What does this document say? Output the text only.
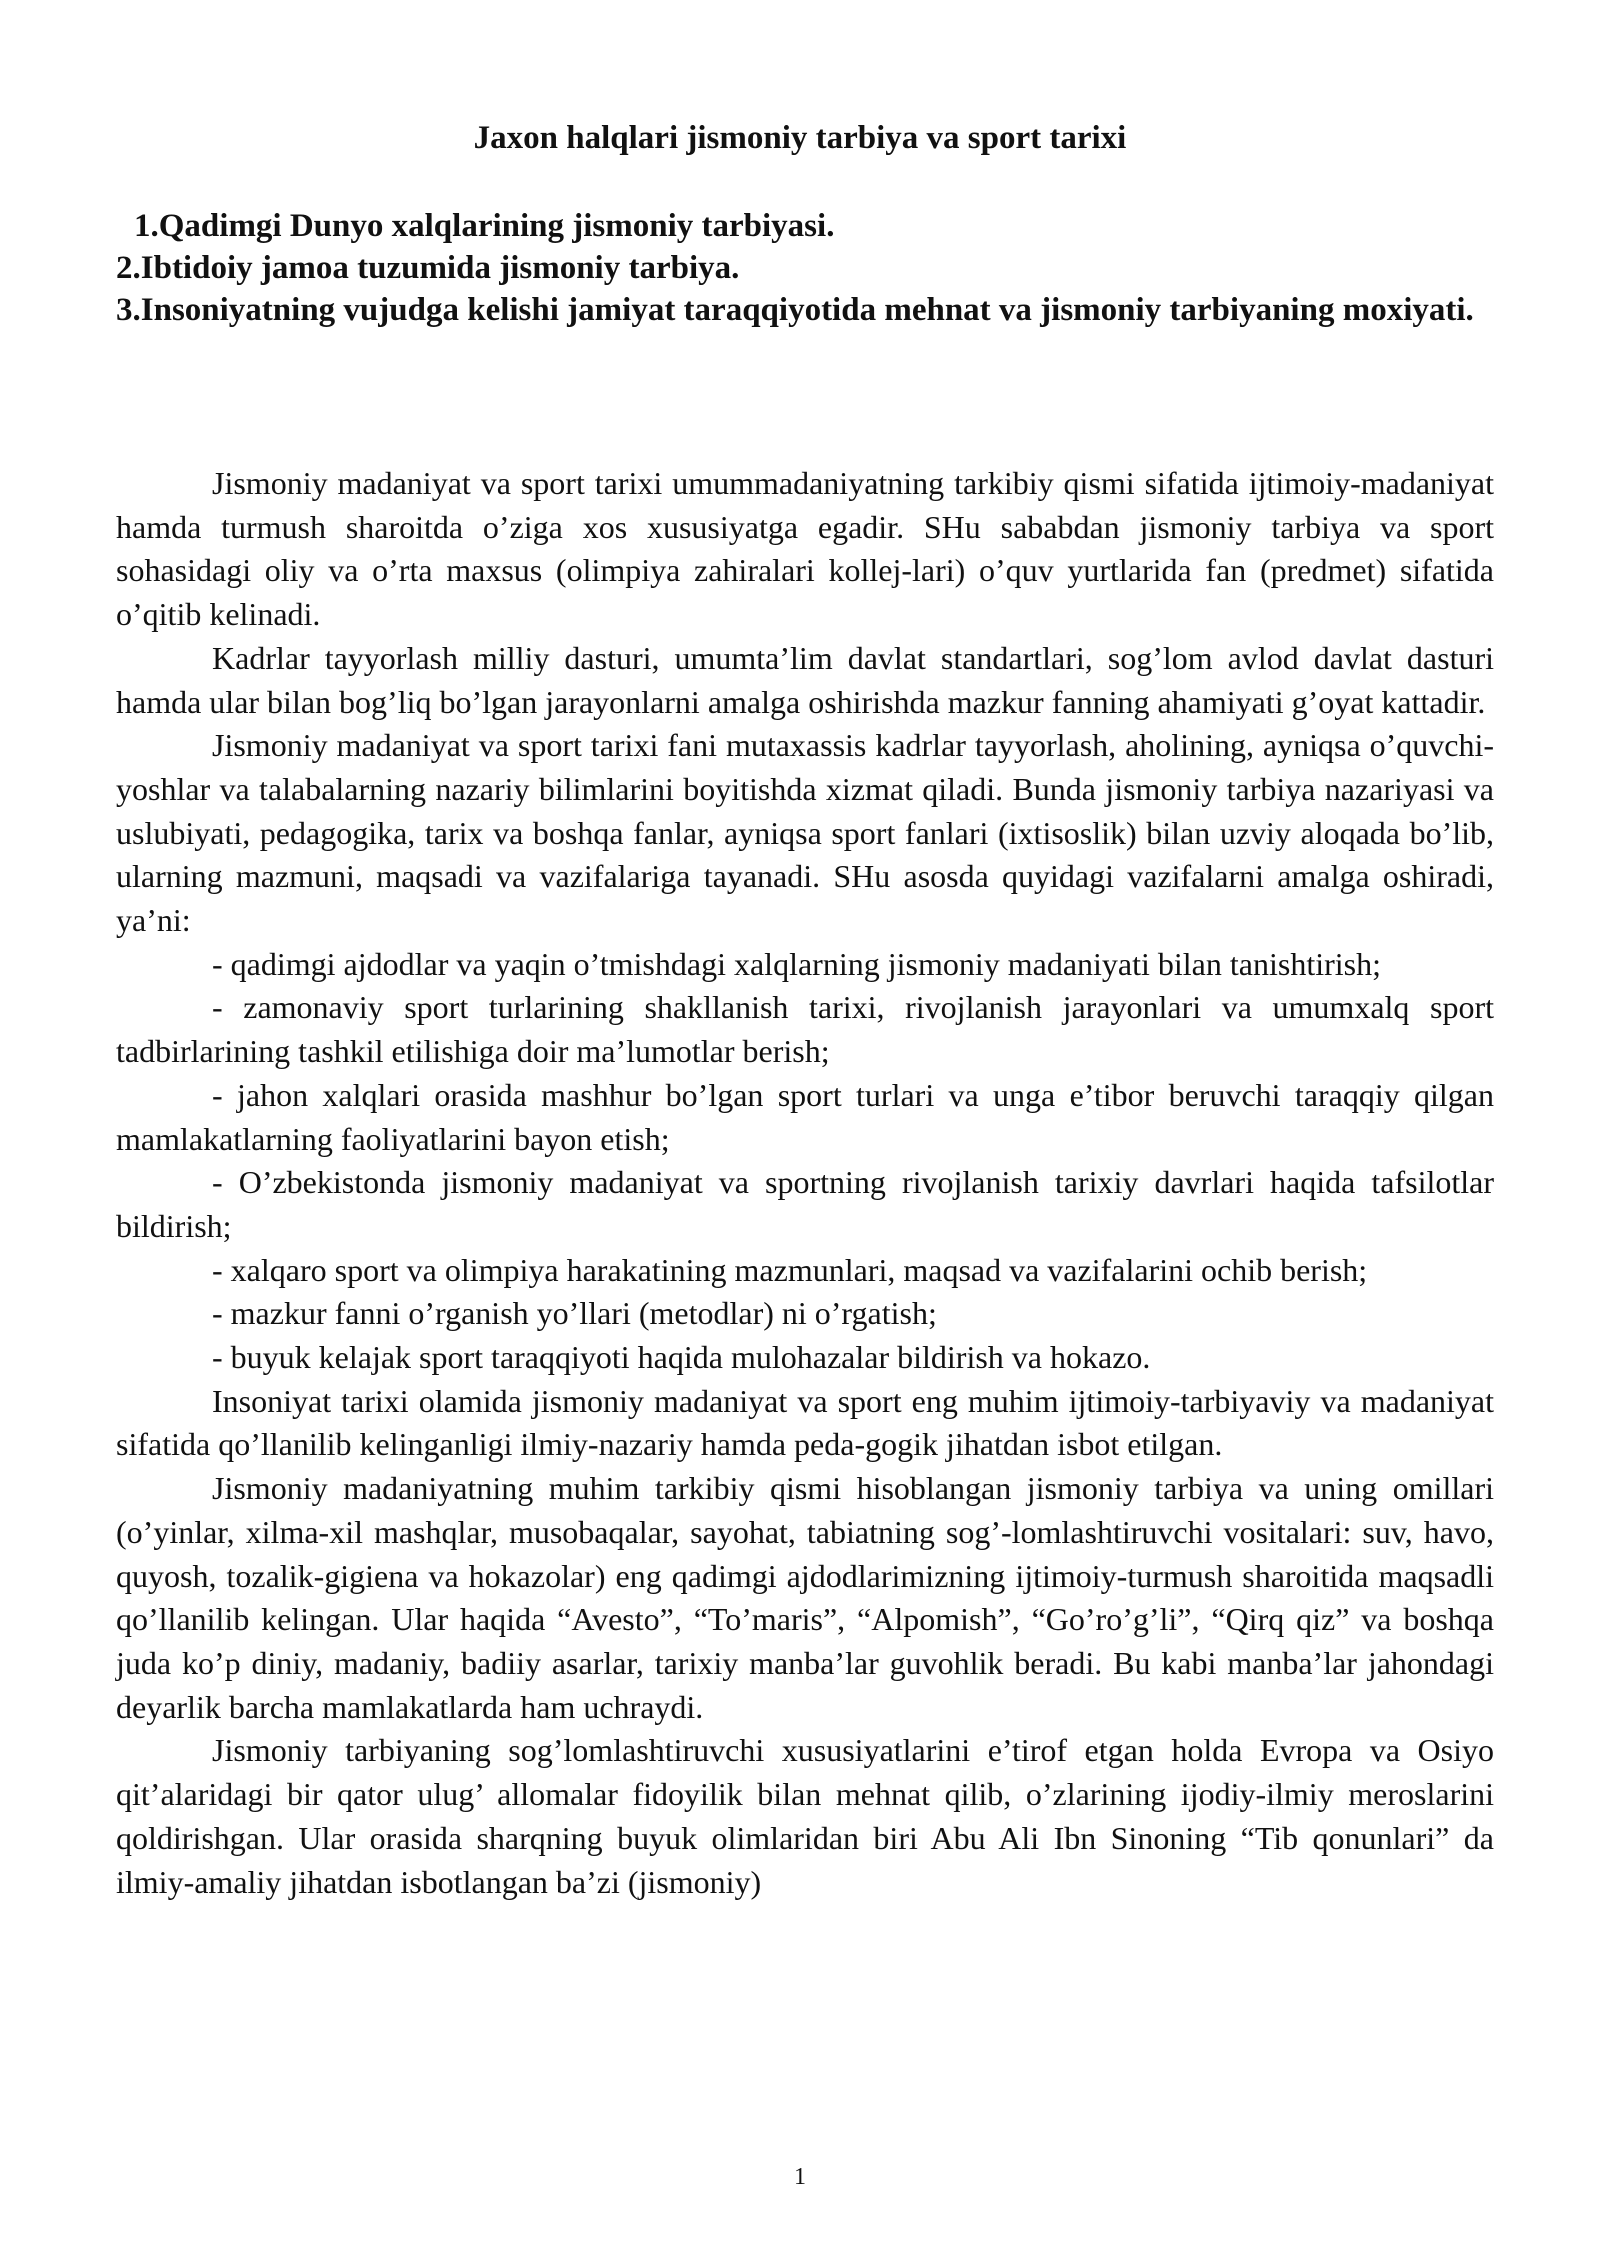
Jaxon halqlari jismoniy tarbiya va sport tarixi
1.Qadimgi Dunyo xalqlarining jismoniy tarbiyasi.
2.Ibtidoiy jamoa tuzumida jismoniy tarbiya.
3.Insoniyatning vujudga kelishi jamiyat taraqqiyotida mehnat va jismoniy tarbiyaning moxiyati.

Jismoniy madaniyat va sport tarixi umummadaniyatning tarkibiy qismi sifatida ijtimoiy-madaniyat hamda turmush sharoitda o’ziga xos xususiyatga egadir. SHu sababdan jismoniy tarbiya va sport sohasidagi oliy va o’rta maxsus (olimpiya zahiralari kollej-lari) o’quv yurtlarida fan (predmet) sifatida o’qitib kelinadi.

Kadrlar tayyorlash milliy dasturi, umumta’lim davlat standartlari, sog’lom avlod davlat dasturi hamda ular bilan bog’liq bo’lgan jarayonlarni amalga oshirishda mazkur fanning ahamiyati g’oyat kattadir.

Jismoniy madaniyat va sport tarixi fani mutaxassis kadrlar tayyorlash, aholining, ayniqsa o’quvchi-yoshlar va talabalarning nazariy bilimlarini boyitishda xizmat qiladi. Bunda jismoniy tarbiya nazariyasi va uslubiyati, pedagogika, tarix va boshqa fanlar, ayniqsa sport fanlari (ixtisoslik) bilan uzviy aloqada bo’lib, ularning mazmuni, maqsadi va vazifalariga tayanadi. SHu asosda quyidagi vazifalarni amalga oshiradi, ya’ni:

- qadimgi ajdodlar va yaqin o’tmishdagi xalqlarning jismoniy madaniyati bilan tanishtirish;

- zamonaviy sport turlarining shakllanish tarixi, rivojlanish jarayonlari va umumxalq sport tadbirlarining tashkil etilishiga doir ma’lumotlar berish;

- jahon xalqlari orasida mashhur bo’lgan sport turlari va unga e’tibor beruvchi taraqqiy qilgan mamlakatlarning faoliyatlarini bayon etish;

- O’zbekistonda jismoniy madaniyat va sportning rivojlanish tarixiy davrlari haqida tafsilotlar bildirish;

- xalqaro sport va olimpiya harakatining mazmunlari, maqsad va vazifalarini ochib berish;

- mazkur fanni o’rganish yo’llari (metodlar) ni o’rgatish;

- buyuk kelajak sport taraqqiyoti haqida mulohazalar bildirish va hokazo.

Insoniyat tarixi olamida jismoniy madaniyat va sport eng muhim ijtimoiy-tarbiyaviy va madaniyat sifatida qo’llanilib kelinganligi ilmiy-nazariy hamda peda-gogik jihatdan isbot etilgan.

Jismoniy madaniyatning muhim tarkibiy qismi hisoblangan jismoniy tarbiya va uning omillari (o’yinlar, xilma-xil mashqlar, musobaqalar, sayohat, tabiatning sog’-lomlashtiruvchi vositalari: suv, havo, quyosh, tozalik-gigiena va hokazolar) eng qadimgi ajdodlarimizning ijtimoiy-turmush sharoitida maqsadli qo’llanilib kelingan. Ular haqida “Avesto”, “To’maris”, “Alpomish”, “Go’ro’g’li”, “Qirq qiz” va boshqa juda ko’p diniy, madaniy, badiiy asarlar, tarixiy manba’lar guvohlik beradi. Bu kabi manba’lar jahondagi deyarlik barcha mamlakatlarda ham uchraydi.

Jismoniy tarbiyaning sog’lomlashtiruvchi xususiyatlarini e’tirof etgan holda Evropa va Osiyo qit’alaridagi bir qator ulug’ allomalar fidoyilik bilan mehnat qilib, o’zlarining ijodiy-ilmiy meroslarini qoldirishgan. Ular orasida sharqning buyuk olimlaridan biri Abu Ali Ibn Sinoning “Tib qonunlari” da ilmiy-amaliy jihatdan isbotlangan ba’zi (jismoniy)

1
